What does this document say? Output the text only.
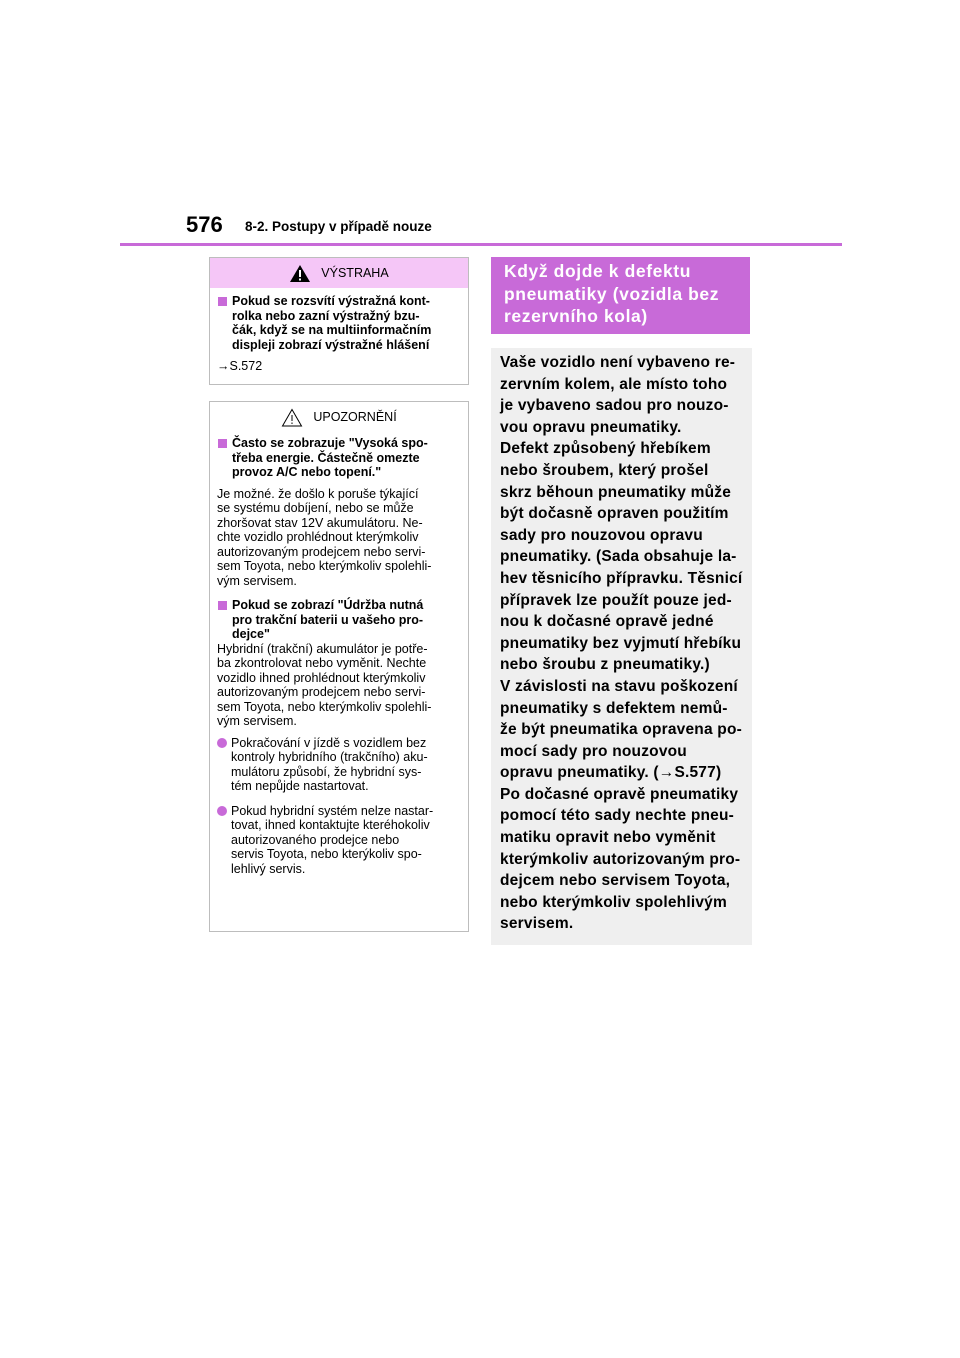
576 8-2. Postupy v případě nouze
VÝSTRAHA
Pokud se rozsvítí výstražná kont-
rolka nebo zazní výstražný bzu-
čák, když se na multiinformačním
displeji zobrazí výstražné hlášení
→S.572
UPOZORNĚNÍ
Často se zobrazuje "Vysoká spo-
třeba energie. Částečně omezte
provoz A/C nebo topení."
Je možné. že došlo k poruše týkající
se systému dobíjení, nebo se může
zhoršovat stav 12V akumulátoru. Ne-
chte vozidlo prohlédnout kterýmkoliv
autorizovaným prodejcem nebo servi-
sem Toyota, nebo kterýmkoliv spolehli-
vým servisem.
Pokud se zobrazí "Údržba nutná
pro trakční baterii u vašeho pro-
dejce"
Hybridní (trakční) akumulátor je potře-
ba zkontrolovat nebo vyměnit. Nechte
vozidlo ihned prohlédnout kterýmkoliv
autorizovaným prodejcem nebo servi-
sem Toyota, nebo kterýmkoliv spolehli-
vým servisem.
Pokračování v jízdě s vozidlem bez
kontroly hybridního (trakčního) aku-
mulátoru způsobí, že hybridní sys-
tém nepůjde nastartovat.
Pokud hybridní systém nelze nastar-
tovat, ihned kontaktujte kteréhokoliv
autorizovaného prodejce nebo
servis Toyota, nebo kterýkoliv spo-
lehlivý servis.
Když dojde k defektu
pneumatiky (vozidla bez
rezervního kola)
Vaše vozidlo není vybaveno re-
zervním kolem, ale místo toho
je vybaveno sadou pro nouzo-
vou opravu pneumatiky.
Defekt způsobený hřebíkem
nebo šroubem, který prošel
skrz běhoun pneumatiky může
být dočasně opraven použitím
sady pro nouzovou opravu
pneumatiky. (Sada obsahuje la-
hev těsnicího přípravku. Těsnicí
přípravek lze použít pouze jed-
nou k dočasné opravě jedné
pneumatiky bez vyjmutí hřebíku
nebo šroubu z pneumatiky.)
V závislosti na stavu poškození
pneumatiky s defektem nemů-
že být pneumatika opravena po-
mocí sady pro nouzovou
opravu pneumatiky. (→S.577)
Po dočasné opravě pneumatiky
pomocí této sady nechte pneu-
matiku opravit nebo vyměnit
kterýmkoliv autorizovaným pro-
dejcem nebo servisem Toyota,
nebo kterýmkoliv spolehlivým
servisem.
